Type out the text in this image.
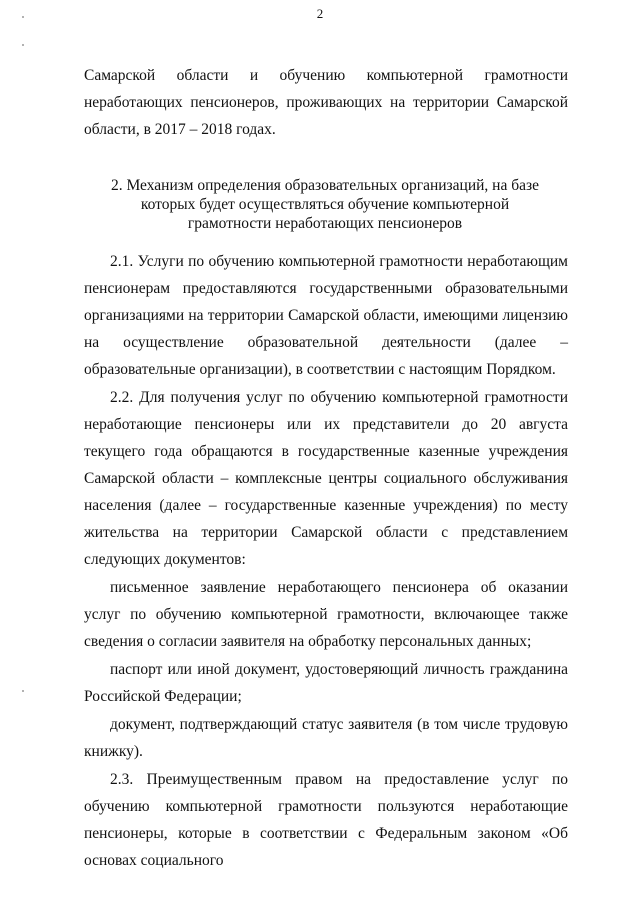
2

Самарской области и обучению компьютерной грамотности неработающих пенсионеров, проживающих на территории Самарской области, в 2017 – 2018 годах.

2. Механизм определения образовательных организаций, на базе которых будет осуществляться обучение компьютерной грамотности неработающих пенсионеров

2.1. Услуги по обучению компьютерной грамотности неработающим пенсионерам предоставляются государственными образовательными организациями на территории Самарской области, имеющими лицензию на осуществление образовательной деятельности (далее – образовательные организации), в соответствии с настоящим Порядком.

2.2. Для получения услуг по обучению компьютерной грамотности неработающие пенсионеры или их представители до 20 августа текущего года обращаются в государственные казенные учреждения Самарской области – комплексные центры социального обслуживания населения (далее – государственные казенные учреждения) по месту жительства на территории Самарской области с представлением следующих документов:

письменное заявление неработающего пенсионера об оказании услуг по обучению компьютерной грамотности, включающее также сведения о согласии заявителя на обработку персональных данных;

паспорт или иной документ, удостоверяющий личность гражданина Российской Федерации;

документ, подтверждающий статус заявителя (в том числе трудовую книжку).

2.3. Преимущественным правом на предоставление услуг по обучению компьютерной грамотности пользуются неработающие пенсионеры, которые в соответствии с Федеральным законом «Об основах социального
